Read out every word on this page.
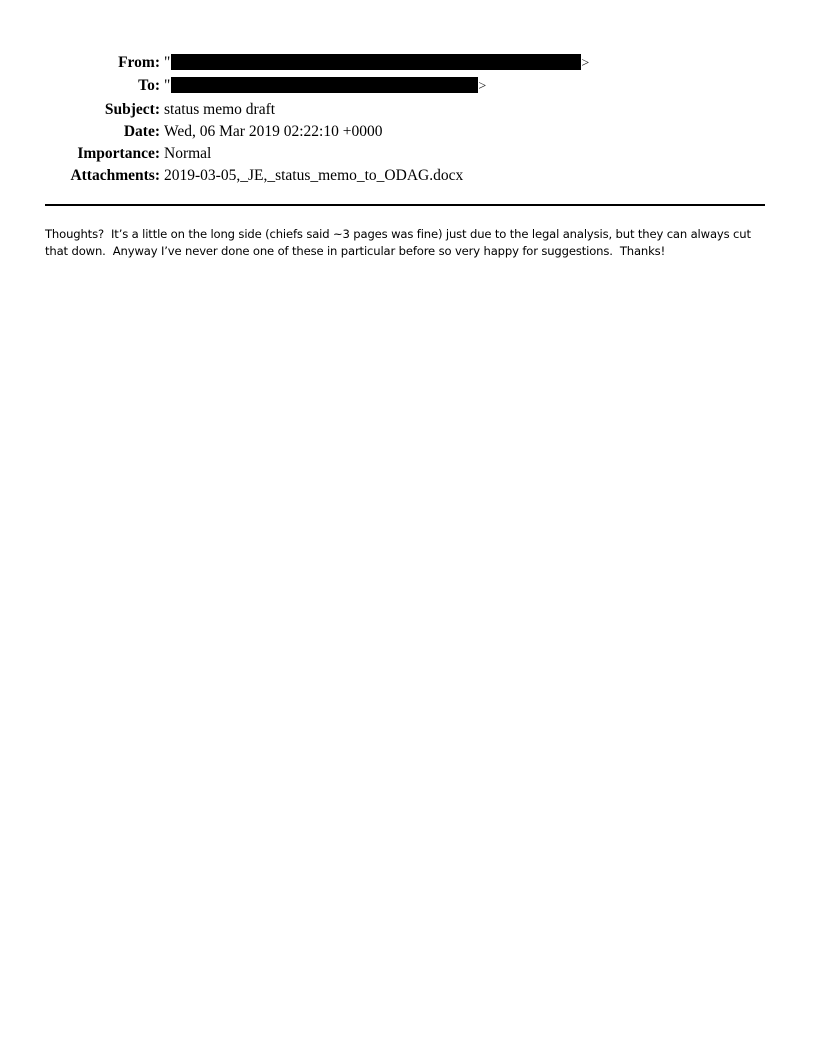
From: "	>
To: "	>
Subject: status memo draft
Date: Wed, 06 Mar 2019 02:22:10 +0000
Importance: Normal
Attachments: 2019-03-05,_JE,_status_memo_to_ODAG.docx
Thoughts?  It’s a little on the long side (chiefs said ~3 pages was fine) just due to the legal analysis, but they can always cut
that down.  Anyway I’ve never done one of these in particular before so very happy for suggestions.  Thanks!
